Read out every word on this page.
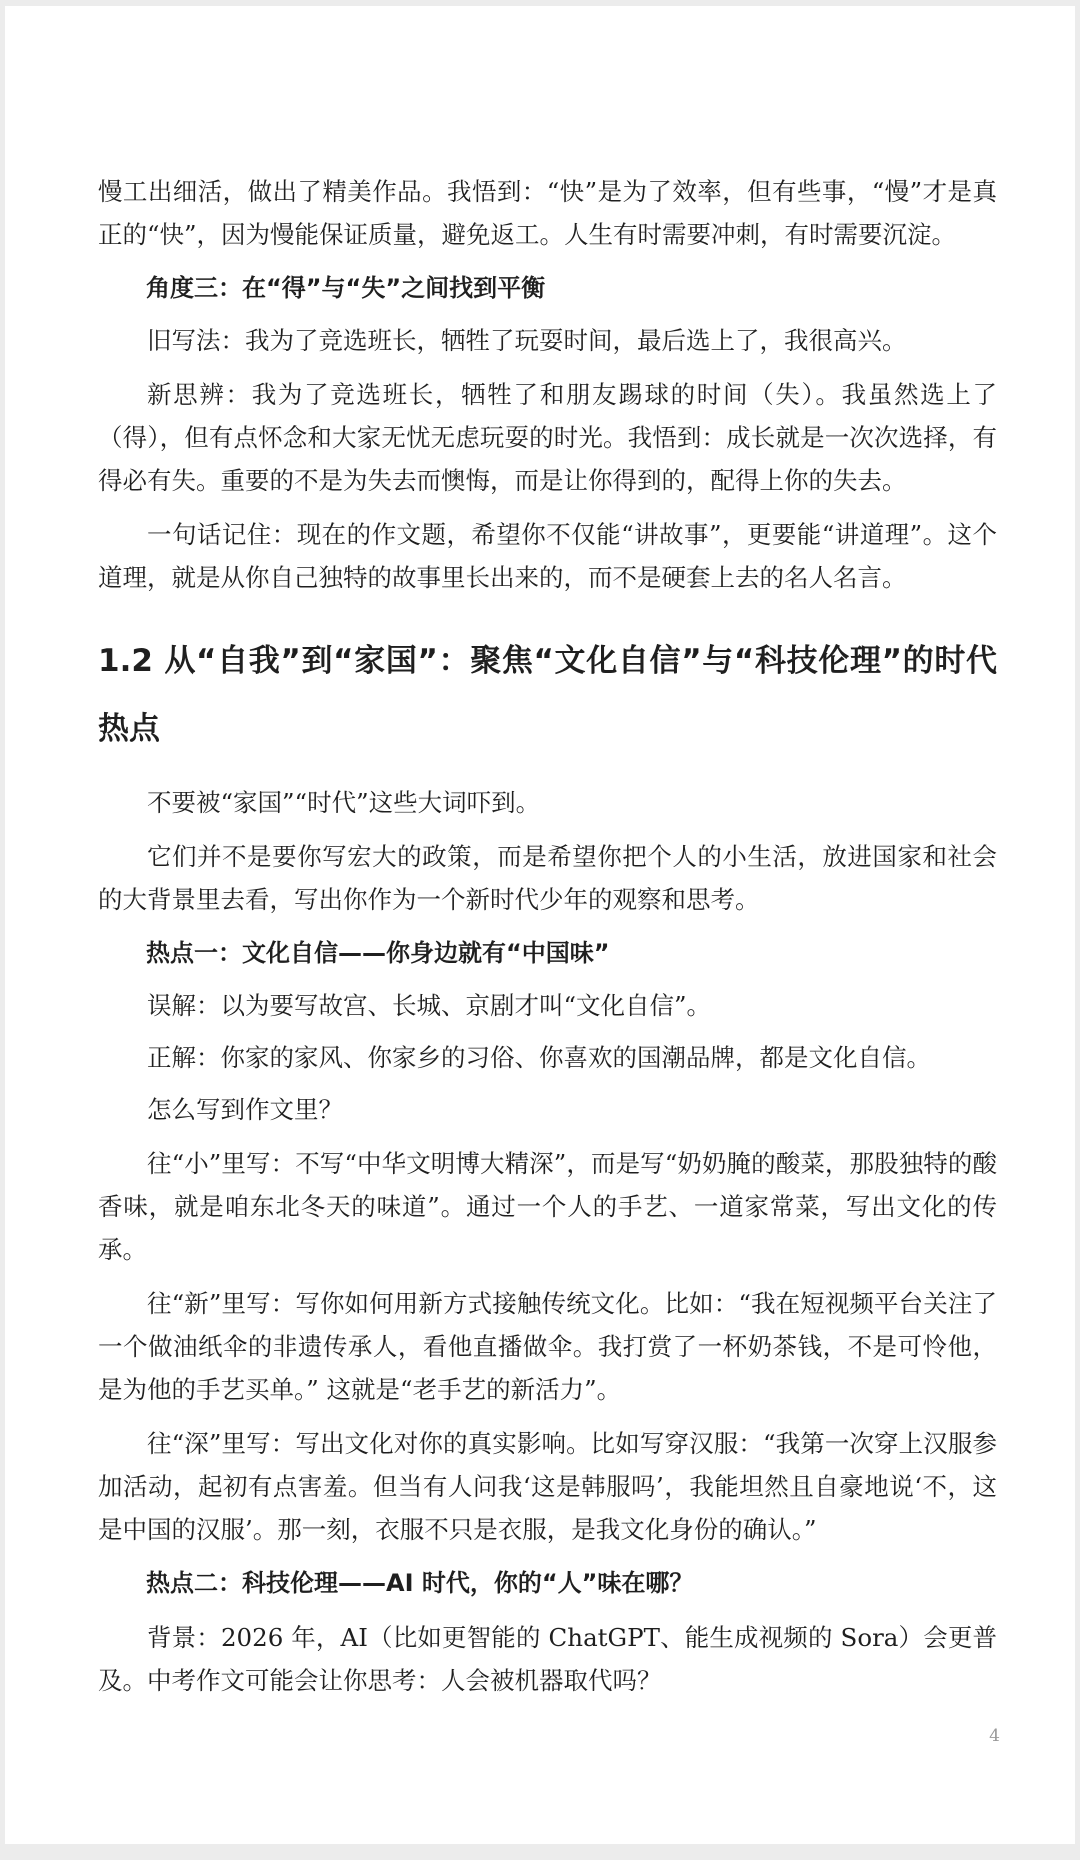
慢工出细活，做出了精美作品。我悟到：“快”是为了效率，但有些事，“慢”才是真正的“快”，因为慢能保证质量，避免返工。人生有时需要冲刺，有时需要沉淀。

角度三：在“得”与“失”之间找到平衡

旧写法：我为了竞选班长，牺牲了玩耍时间，最后选上了，我很高兴。

新思辨：我为了竞选班长，牺牲了和朋友踢球的时间（失）。我虽然选上了（得），但有点怀念和大家无忧无虑玩耍的时光。我悟到：成长就是一次次选择，有得必有失。重要的不是为失去而懊悔，而是让你得到的，配得上你的失去。

一句话记住：现在的作文题，希望你不仅能“讲故事”，更要能“讲道理”。这个道理，就是从你自己独特的故事里长出来的，而不是硬套上去的名人名言。

1.2 从“自我”到“家国”：聚焦“文化自信”与“科技伦理”的时代热点

不要被“家国”“时代”这些大词吓到。

它们并不是要你写宏大的政策，而是希望你把个人的小生活，放进国家和社会的大背景里去看，写出你作为一个新时代少年的观察和思考。

热点一：文化自信——你身边就有“中国味”

误解：以为要写故宫、长城、京剧才叫“文化自信”。

正解：你家的家风、你家乡的习俗、你喜欢的国潮品牌，都是文化自信。

怎么写到作文里？

往“小”里写：不写“中华文明博大精深”，而是写“奶奶腌的酸菜，那股独特的酸香味，就是咱东北冬天的味道”。通过一个人的手艺、一道家常菜，写出文化的传承。

往“新”里写：写你如何用新方式接触传统文化。比如：“我在短视频平台关注了一个做油纸伞的非遗传承人，看他直播做伞。我打赏了一杯奶茶钱，不是可怜他，是为他的手艺买单。” 这就是“老手艺的新活力”。

往“深”里写：写出文化对你的真实影响。比如写穿汉服：“我第一次穿上汉服参加活动，起初有点害羞。但当有人问我‘这是韩服吗’，我能坦然且自豪地说‘不，这是中国的汉服’。那一刻，衣服不只是衣服，是我文化身份的确认。”

热点二：科技伦理——AI 时代，你的“人”味在哪？

背景：2026 年，AI（比如更智能的 ChatGPT、能生成视频的 Sora）会更普及。中考作文可能会让你思考：人会被机器取代吗？

4
